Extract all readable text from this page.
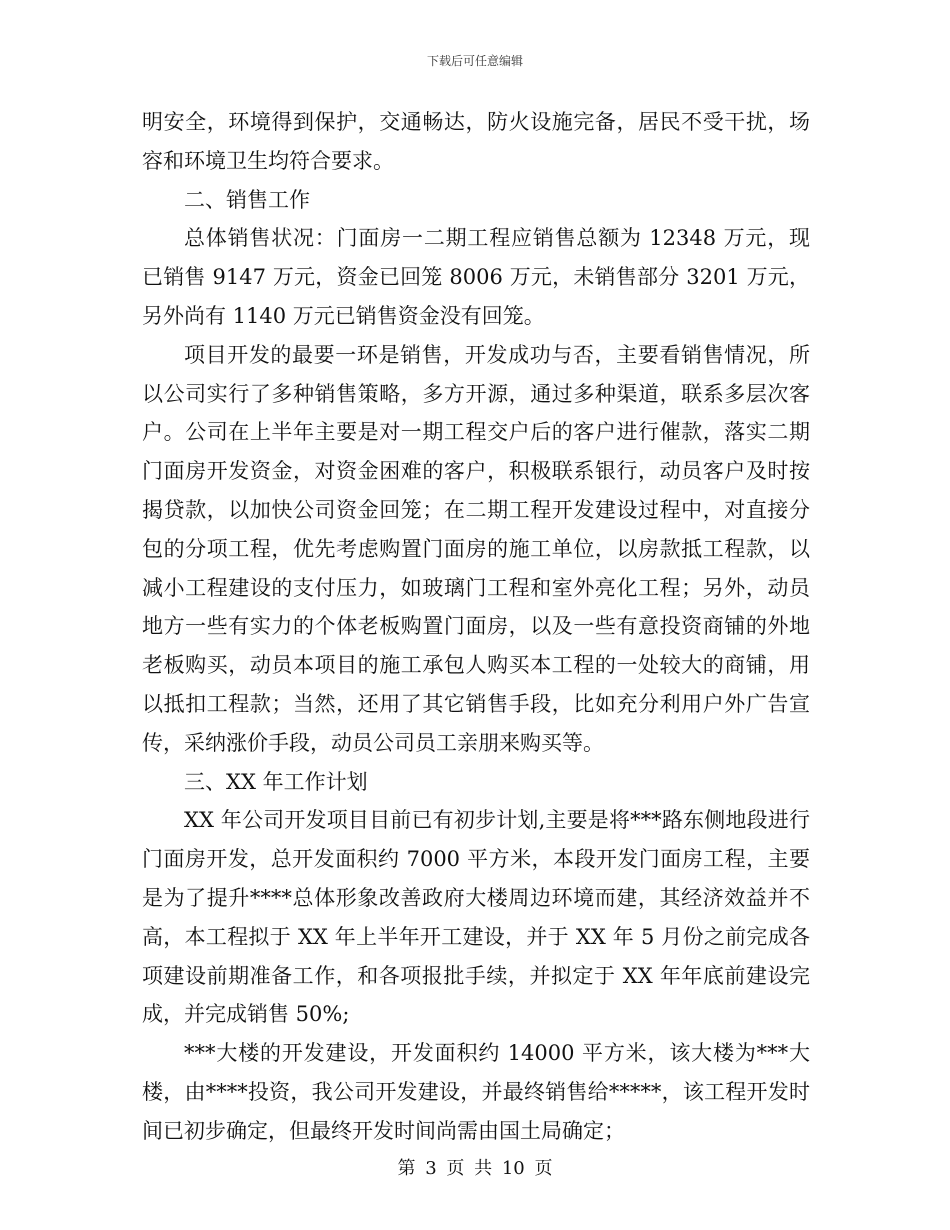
下载后可任意编辑

明安全，环境得到保护，交通畅达，防火设施完备，居民不受干扰，场容和环境卫生均符合要求。

二、销售工作

总体销售状况：门面房一二期工程应销售总额为 12348 万元，现已销售 9147 万元，资金已回笼 8006 万元，未销售部分 3201 万元，另外尚有 1140 万元已销售资金没有回笼。

项目开发的最要一环是销售，开发成功与否，主要看销售情况，所以公司实行了多种销售策略，多方开源，通过多种渠道，联系多层次客户。公司在上半年主要是对一期工程交户后的客户进行催款，落实二期门面房开发资金，对资金困难的客户，积极联系银行，动员客户及时按揭贷款，以加快公司资金回笼；在二期工程开发建设过程中，对直接分包的分项工程，优先考虑购置门面房的施工单位，以房款抵工程款，以减小工程建设的支付压力，如玻璃门工程和室外亮化工程；另外，动员地方一些有实力的个体老板购置门面房，以及一些有意投资商铺的外地老板购买，动员本项目的施工承包人购买本工程的一处较大的商铺，用以抵扣工程款；当然，还用了其它销售手段，比如充分利用户外广告宣传，采纳涨价手段，动员公司员工亲朋来购买等。

三、XX 年工作计划

XX 年公司开发项目目前已有初步计划,主要是将***路东侧地段进行门面房开发，总开发面积约 7000 平方米，本段开发门面房工程，主要是为了提升****总体形象改善政府大楼周边环境而建，其经济效益并不高，本工程拟于 XX 年上半年开工建设，并于 XX 年 5 月份之前完成各项建设前期准备工作，和各项报批手续，并拟定于 XX 年年底前建设完成，并完成销售 50%;

***大楼的开发建设，开发面积约 14000 平方米，该大楼为***大楼，由****投资，我公司开发建设，并最终销售给*****，该工程开发时间已初步确定，但最终开发时间尚需由国土局确定；

第 3 页 共 10 页
